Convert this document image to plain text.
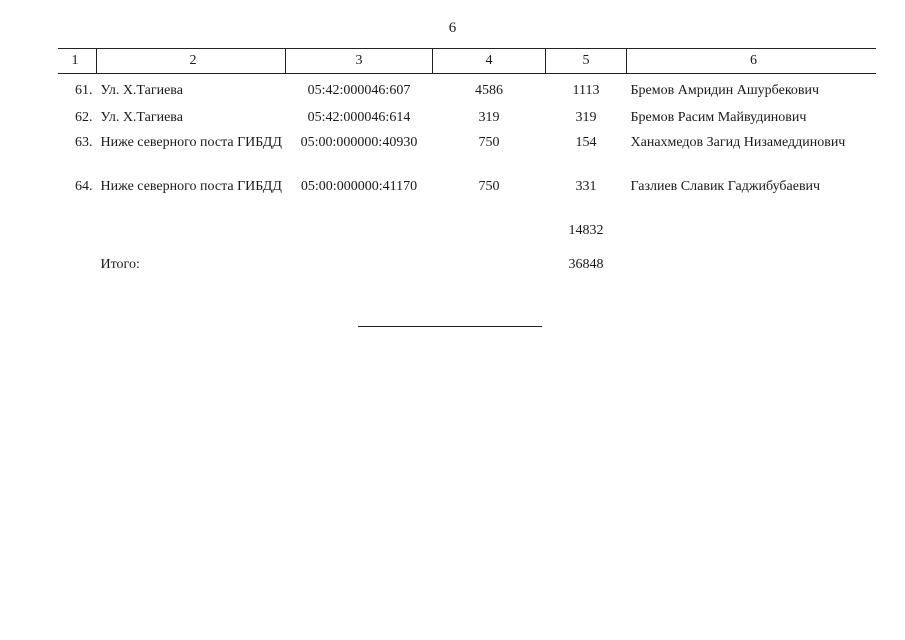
6
1	2	3	4	5	6
61.	Ул. Х.Тагиева	05:42:000046:607	4586	1113	Бремов Амридин Ашурбекович
62.	Ул. Х.Тагиева	05:42:000046:614	319	319	Бремов Расим Майвудинович
63.	Ниже северного поста ГИБДД	05:00:000000:40930	750	154	Ханахмедов Загид Низамеддинович
64.	Ниже северного поста ГИБДД	05:00:000000:41170	750	331	Газлиев Славик Гаджибубаевич
				14832	
	Итого:			36848	
